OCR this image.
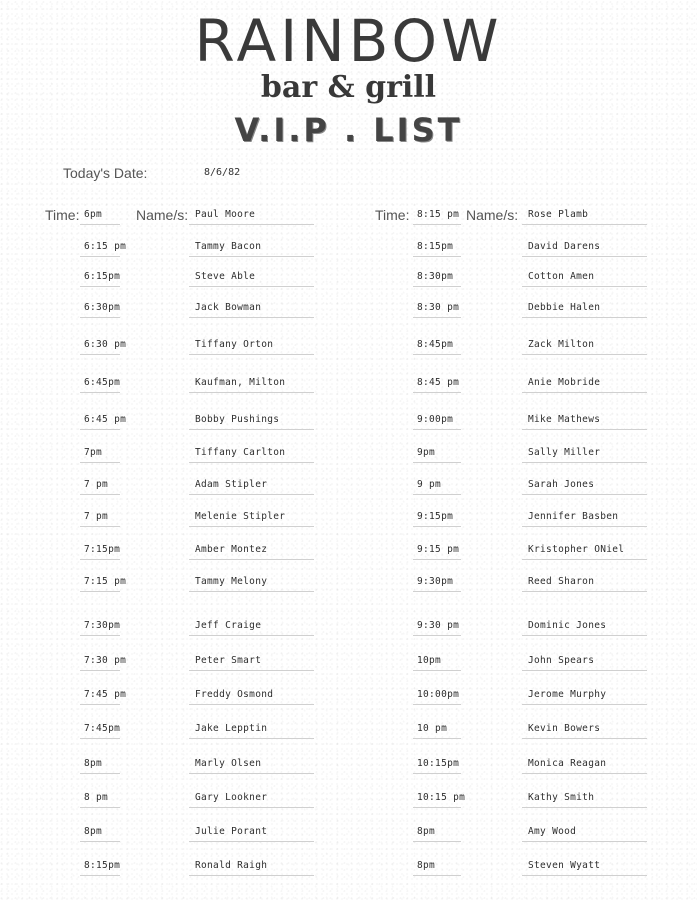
RAINBOW
bar & grill
V.I.P . LIST
Today's Date:	8/6/82
Time:	Name/s:	Time:	Name/s:
6pm	Paul Moore
6:15 pm	Tammy Bacon
6:15pm	Steve Able
6:30pm	Jack Bowman
6:30 pm	Tiffany Orton
6:45pm	Kaufman, Milton
6:45 pm	Bobby Pushings
7pm	Tiffany Carlton
7 pm	Adam Stipler
7 pm	Melenie Stipler
7:15pm	Amber Montez
7:15 pm	Tammy Melony
7:30pm	Jeff Craige
7:30 pm	Peter Smart
7:45 pm	Freddy Osmond
7:45pm	Jake Lepptin
8pm	Marly Olsen
8 pm	Gary Lookner
8pm	Julie Porant
8:15pm	Ronald Raigh
8:15 pm	Rose Plamb
8:15pm	David Darens
8:30pm	Cotton Amen
8:30 pm	Debbie Halen
8:45pm	Zack Milton
8:45 pm	Anie Mobride
9:00pm	Mike Mathews
9pm	Sally Miller
9 pm	Sarah Jones
9:15pm	Jennifer Basben
9:15 pm	Kristopher ONiel
9:30pm	Reed Sharon
9:30 pm	Dominic Jones
10pm	John Spears
10:00pm	Jerome Murphy
10 pm	Kevin Bowers
10:15pm	Monica Reagan
10:15 pm	Kathy Smith
8pm	Amy Wood
8pm	Steven Wyatt
